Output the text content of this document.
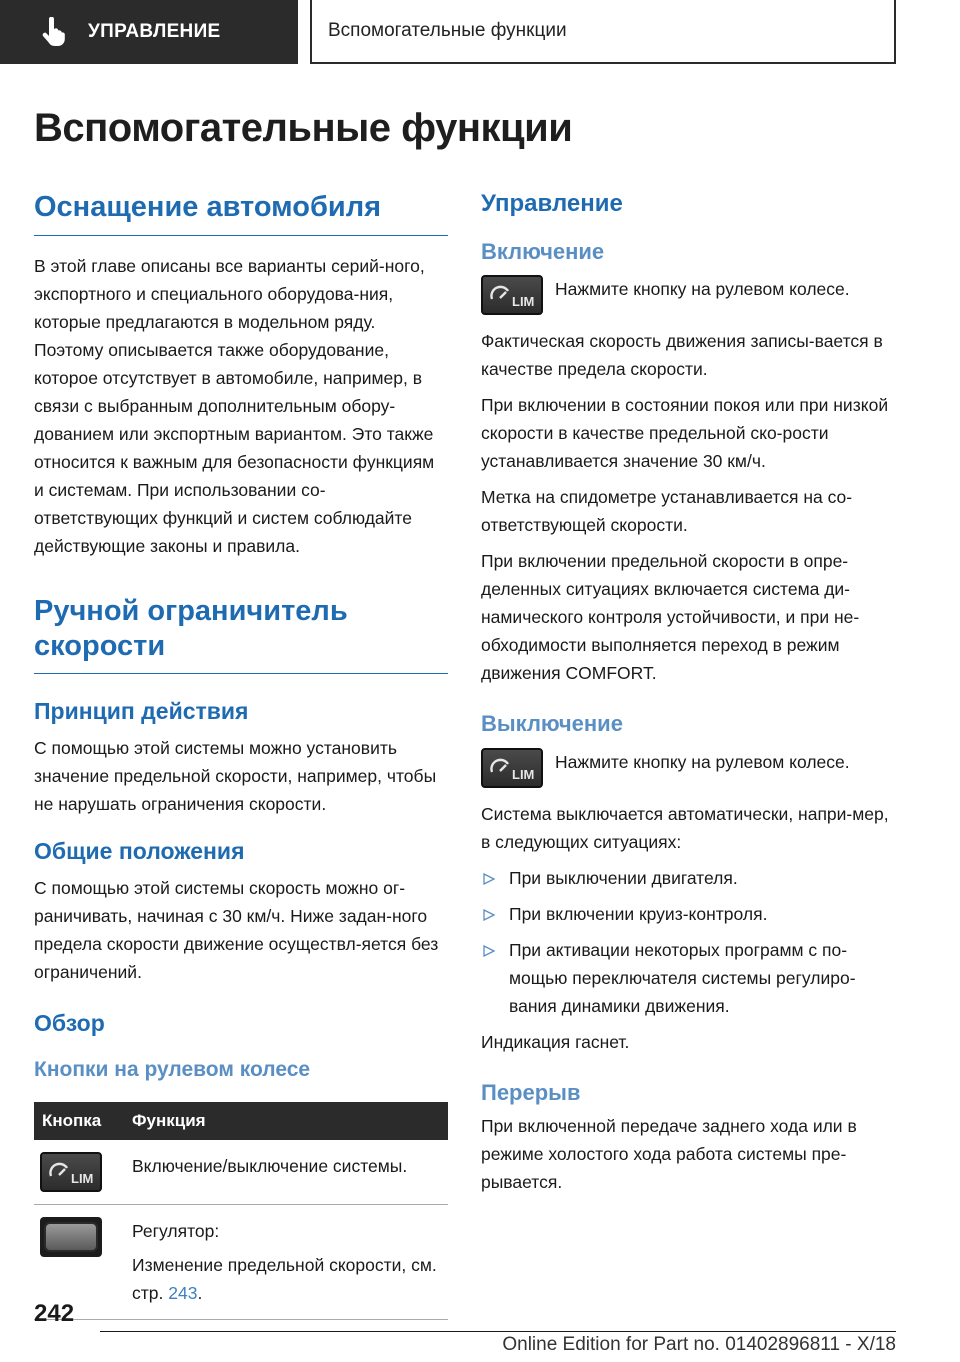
УПРАВЛЕНИЕ	Вспомогательные функции
Вспомогательные функции
Оснащение автомобиля

В этой главе описаны все варианты серий-ного, экспортного и специального оборудова-ния, которые предлагаются в модельном ряду. Поэтому описывается также оборудование, которое отсутствует в автомобиле, например, в связи с выбранным дополнительным обору-дованием или экспортным вариантом. Это также относится к важным для безопасности функциям и системам. При использовании со-ответствующих функций и систем соблюдайте действующие законы и правила.

Ручной ограничитель
скорости
Принцип действия

С помощью этой системы можно установить значение предельной скорости, например, чтобы не нарушать ограничения скорости.

Общие положения

С помощью этой системы скорость можно ог-раничивать, начиная с 30 км/ч. Ниже задан-ного предела скорости движение осуществл-яется без ограничений.

Обзор
Кнопки на рулевом колесе
Кнопка	Функция

LIM	Включение/выключение системы.

	Регулятор:

Изменение предельной скорости, см. стр. 243.

Управление
Включение
LIM

Нажмите кнопку на рулевом колесе.

Фактическая скорость движения записы-вается в качестве предела скорости.

При включении в состоянии покоя или при низкой скорости в качестве предельной ско-рости устанавливается значение 30 км/ч.

Метка на спидометре устанавливается на со-ответствующей скорости.

При включении предельной скорости в опре-деленных ситуациях включается система ди-намического контроля устойчивости, и при не-обходимости выполняется переход в режим движения COMFORT.

Выключение
LIM

Нажмите кнопку на рулевом колесе.

Система выключается автоматически, напри-мер, в следующих ситуациях:

При выключении двигателя.
При включении круиз-контроля.
При активации некоторых программ с по-мощью переключателя системы регулиро-вания динамики движения.

Индикация гаснет.

Перерыв

При включенной передаче заднего хода или в режиме холостого хода работа системы пре-рывается.

242
Online Edition for Part no. 01402896811 - X/18
